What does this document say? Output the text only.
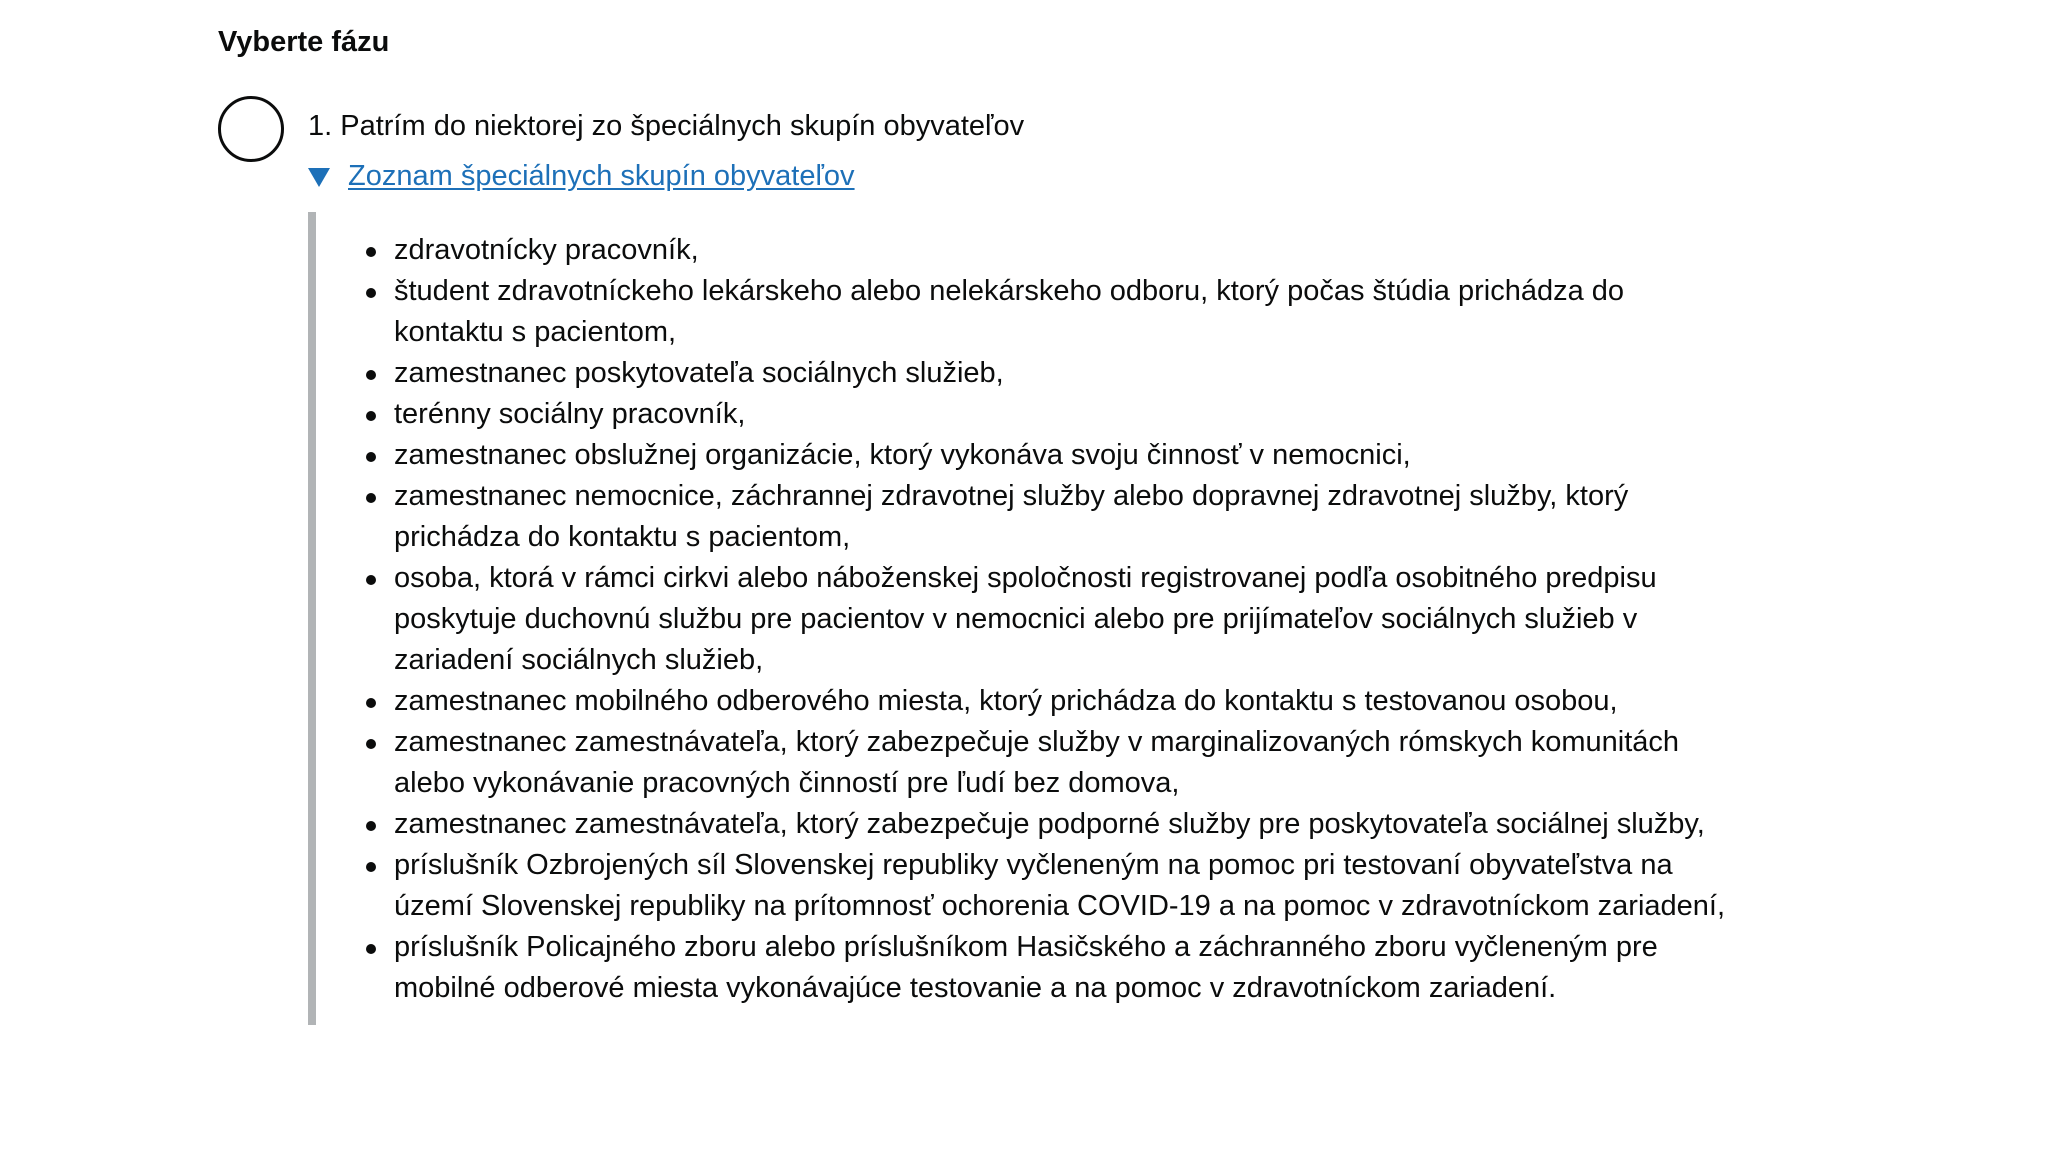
Vyberte fázu
1. Patrím do niektorej zo špeciálnych skupín obyvateľov
Zoznam špeciálnych skupín obyvateľov
zdravotnícky pracovník,
študent zdravotníckeho lekárskeho alebo nelekárskeho odboru, ktorý počas štúdia prichádza do kontaktu s pacientom,
zamestnanec poskytovateľa sociálnych služieb,
terénny sociálny pracovník,
zamestnanec obslužnej organizácie, ktorý vykonáva svoju činnosť v nemocnici,
zamestnanec nemocnice, záchrannej zdravotnej služby alebo dopravnej zdravotnej služby, ktorý prichádza do kontaktu s pacientom,
osoba, ktorá v rámci cirkvi alebo náboženskej spoločnosti registrovanej podľa osobitného predpisu poskytuje duchovnú službu pre pacientov v nemocnici alebo pre prijímateľov sociálnych služieb v zariadení sociálnych služieb,
zamestnanec mobilného odberového miesta, ktorý prichádza do kontaktu s testovanou osobou,
zamestnanec zamestnávateľa, ktorý zabezpečuje služby v marginalizovaných rómskych komunitách alebo vykonávanie pracovných činností pre ľudí bez domova,
zamestnanec zamestnávateľa, ktorý zabezpečuje podporné služby pre poskytovateľa sociálnej služby,
príslušník Ozbrojených síl Slovenskej republiky vyčleneným na pomoc pri testovaní obyvateľstva na území Slovenskej republiky na prítomnosť ochorenia COVID-19 a na pomoc v zdravotníckom zariadení,
príslušník Policajného zboru alebo príslušníkom Hasičského a záchranného zboru vyčleneným pre mobilné odberové miesta vykonávajúce testovanie a na pomoc v zdravotníckom zariadení.
